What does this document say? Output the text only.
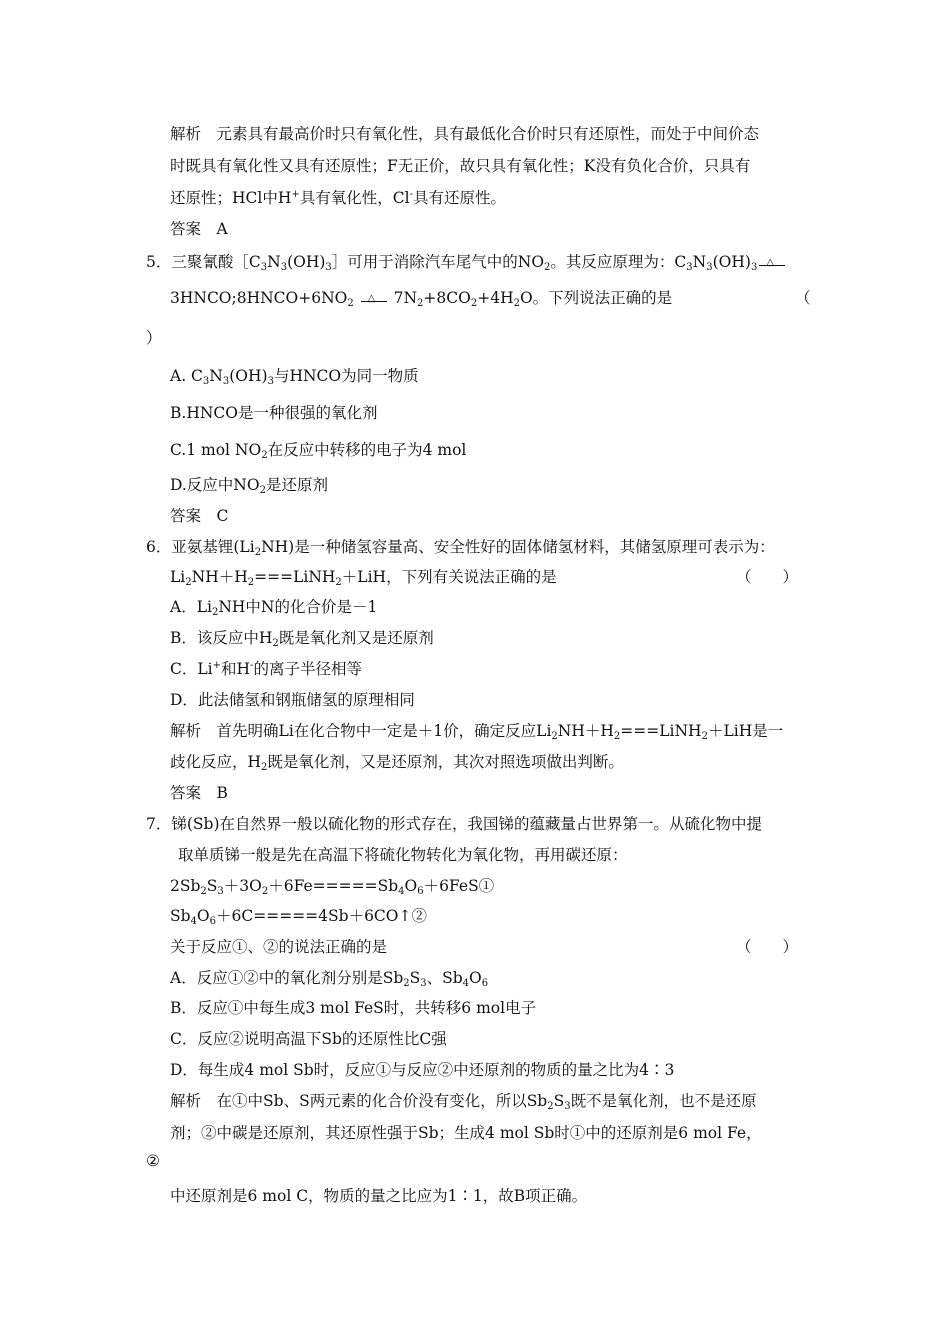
解析　 元素具有最高价时只有氧化性，具有最低化合价时只有还原性，而处于中间价态
时既具有氧化性又具有还原性；F无正价，故只具有氧化性；K没有负化合价，只具有
还原性；HCl中H+具有氧化性，Cl-具有还原性。
答案　 A
5．三聚氰酸$[C_3N_3(OH)_3]$可用于消除汽车尾气中的$NO_2$。其反应原理为：$C_3N_3(OH)_3$ △
$3HNCO;8HNCO+6NO_2$ △ $7N_2+8CO_2+4H_2O$。下列说法正确的是	（
）
A. $C_3N_3(OH)_3$与HNCO为同一物质
B.HNCO是一种很强的氧化剂
C.1 mol $NO_2$在反应中转移的电子为4 mol
D.反应中$NO_2$是还原剂
答案　 C
6．亚氨基锂$(Li_2NH)$是一种储氢容量高、安全性好的固体储氢材料，其储氢原理可表示为：
$Li_2NH+H_2===LiNH_2+LiH$，下列有关说法正确的是	（　　）
A．$Li_2NH$中N的化合价是－1
B．该反应中$H_2$既是氧化剂又是还原剂
C．Li+和H-的离子半径相等
D．此法储氢和钢瓶储氢的原理相同
解析　 首先明确Li在化合物中一定是＋1价，确定反应$Li_2NH+H_2===LiNH_2+LiH$是一
歧化反应，$H_2$既是氧化剂，又是还原剂，其次对照选项做出判断。
答案　 B
7．锑(Sb)在自然界一般以硫化物的形式存在，我国锑的蕴藏量占世界第一。从硫化物中提
取单质锑一般是先在高温下将硫化物转化为氧化物，再用碳还原：
$2Sb_2S_3+3O_2+6Fe=====Sb_4O_6+6FeS①$
$Sb_4O_6+6C=====4Sb+6CO↑②$
关于反应①、②的说法正确的是	（　　）
A．反应①②中的氧化剂分别是$Sb_2S_3$、$Sb_4O_6$
B．反应①中每生成3 mol FeS时，共转移6 mol电子
C．反应②说明高温下Sb的还原性比C强
D．每生成4 mol Sb时，反应①与反应②中还原剂的物质的量之比为4∶3
解析　 在①中Sb、S两元素的化合价没有变化，所以$Sb_2S_3$既不是氧化剂，也不是还原
剂；②中碳是还原剂，其还原性强于Sb；生成4 mol Sb时①中的还原剂是6 mol Fe，
②
中还原剂是6 mol C，物质的量之比应为1∶1，故B项正确。
